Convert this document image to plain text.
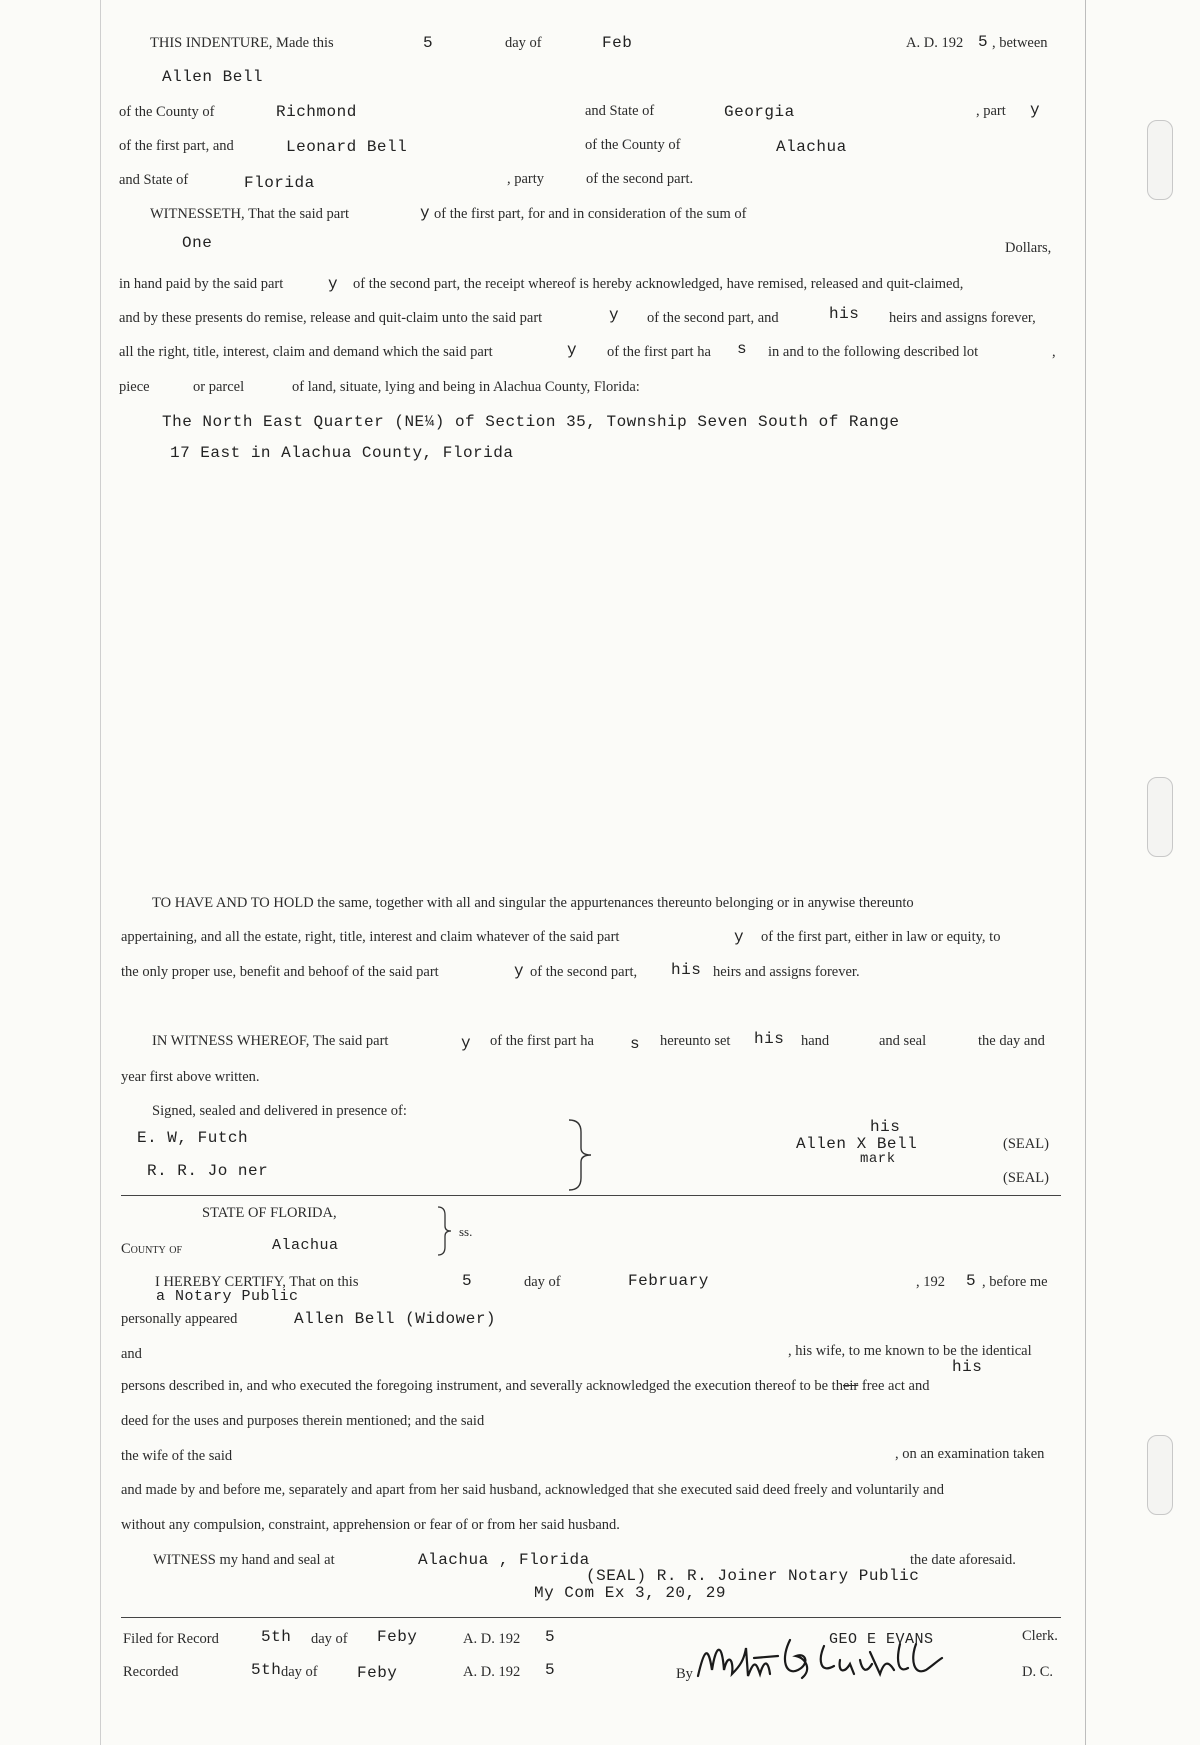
THIS INDENTURE, Made this	5	day of	Feb	A. D. 192 5 , between
Allen Bell
of the County of	Richmond	and State of	Georgia	, part y
of the first part, and	Leonard Bell	of the County of	Alachua
and State of	Florida	, party	of the second part.
WITNESSETH, That the said part	y of the first part, for and in consideration of the sum of
One	Dollars,
in hand paid by the said part	y of the second part, the receipt whereof is hereby acknowledged, have remised, released and quit-claimed,
and by these presents do remise, release and quit-claim unto the said part	y of the second part, and	his heirs and assigns forever,
all the right, title, interest, claim and demand which the said part	y of the first part ha s in and to the following described lot	,
piece	or parcel	of land, situate, lying and being in Alachua County, Florida:
The North East Quarter (NE¼) of Section 35, Township Seven South of Range
17 East in Alachua County, Florida
TO HAVE AND TO HOLD the same, together with all and singular the appurtenances thereunto belonging or in anywise thereunto
appertaining, and all the estate, right, title, interest and claim whatever of the said part	y of the first part, either in law or equity, to
the only proper use, benefit and behoof of the said part	y of the second part, his heirs and assigns forever.
IN WITNESS WHEREOF, The said part	y of the first part ha s hereunto set his hand	and seal	the day and
year first above written.
Signed, sealed and delivered in presence of:
E. W, Futch
R. R. Jo ner
his
Allen X Bell
mark
(SEAL)
(SEAL)
STATE OF FLORIDA,
ss.
County of	Alachua
I HEREBY CERTIFY, That on this	5	day of	February	, 192 5 , before me
a Notary Public
personally appeared	Allen Bell (Widower)
and	, his wife, to me known to be the identical
his
persons described in, and who executed the foregoing instrument, and severally acknowledged the execution thereof to be their free act and
deed for the uses and purposes therein mentioned; and the said
the wife of the said	, on an examination taken
and made by and before me, separately and apart from her said husband, acknowledged that she executed said deed freely and voluntarily and
without any compulsion, constraint, apprehension or fear of or from her said husband.
WITNESS my hand and seal at	Alachua , Florida	the date aforesaid.
(SEAL) R. R. Joiner Notary Public
My Com Ex 3, 20, 29
Filed for Record	5th day of Feby	A. D. 192 5	GEO E EVANS	Clerk.
Recorded	5th day of Feby	A. D. 192 5	By	D. C.
